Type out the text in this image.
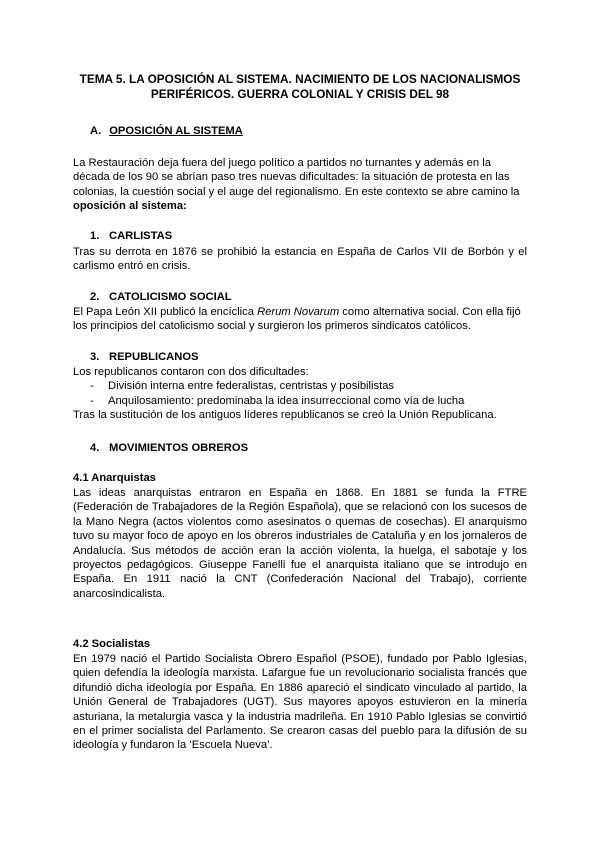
TEMA 5. LA OPOSICIÓN AL SISTEMA. NACIMIENTO DE LOS NACIONALISMOS PERIFÉRICOS. GUERRA COLONIAL Y CRISIS DEL 98
A. OPOSICIÓN AL SISTEMA

La Restauración deja fuera del juego político a partidos no turnantes y además en la década de los 90 se abrían paso tres nuevas dificultades: la situación de protesta en las colonias, la cuestión social y el auge del regionalismo. En este contexto se abre camino la oposición al sistema:

1. CARLISTAS

Tras su derrota en 1876 se prohibió la estancia en España de Carlos VII de Borbón y el carlismo entró en crisis.

2. CATOLICISMO SOCIAL

El Papa León XII publicó la encíclica Rerum Novarum como alternativa social. Con ella fijó los principios del catolicismo social y surgieron los primeros sindicatos católicos.

3. REPUBLICANOS
Los republicanos contaron con dos dificultades:
- División interna entre federalistas, centristas y posibilistas
- Anquilosamiento: predominaba la idea insurreccional como vía de lucha
Tras la sustitución de los antiguos líderes republicanos se creó la Unión Republicana.
4. MOVIMIENTOS OBREROS
4.1 Anarquistas

Las ideas anarquistas entraron en España en 1868. En 1881 se funda la FTRE (Federación de Trabajadores de la Región Española), que se relacionó con los sucesos de la Mano Negra (actos violentos como asesinatos o quemas de cosechas). El anarquismo tuvo su mayor foco de apoyo en los obreros industriales de Cataluña y en los jornaleros de Andalucía. Sus métodos de acción eran la acción violenta, la huelga, el sabotaje y los proyectos pedagógicos. Giuseppe Fanelli fue el anarquista italiano que se introdujo en España. En 1911 nació la CNT (Confederación Nacional del Trabajo), corriente anarcosindicalista.

4.2 Socialistas

En 1979 nació el Partido Socialista Obrero Español (PSOE), fundado por Pablo Iglesias, quien defendía la ideología marxista. Lafargue fue un revolucionario socialista francés que difundió dicha ideología por España. En 1886 apareció el sindicato vinculado al partido, la Unión General de Trabajadores (UGT). Sus mayores apoyos estuvieron en la minería asturiana, la metalurgia vasca y la industria madrileña. En 1910 Pablo Iglesias se convirtió en el primer socialista del Parlamento. Se crearon casas del pueblo para la difusión de su ideología y fundaron la ‘Escuela Nueva’.
